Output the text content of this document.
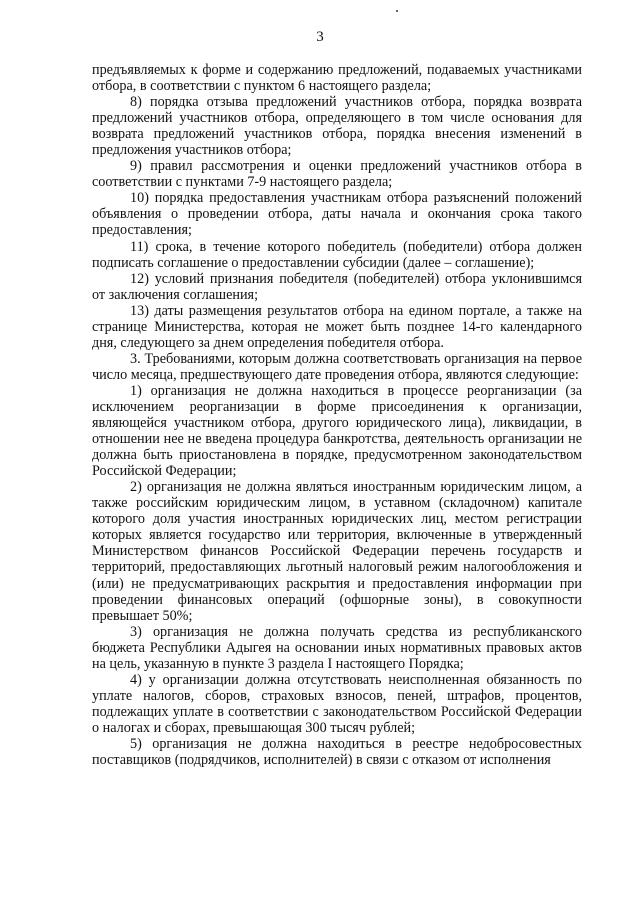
3

предъявляемых к форме и содержанию предложений, подаваемых участниками отбора, в соответствии с пунктом 6 настоящего раздела;

8) порядка отзыва предложений участников отбора, порядка возврата предложений участников отбора, определяющего в том числе основания для возврата предложений участников отбора, порядка внесения изменений в предложения участников отбора;

9) правил рассмотрения и оценки предложений участников отбора в соответствии с пунктами 7-9 настоящего раздела;

10) порядка предоставления участникам отбора разъяснений положений объявления о проведении отбора, даты начала и окончания срока такого предоставления;

11) срока, в течение которого победитель (победители) отбора должен подписать соглашение о предоставлении субсидии (далее – соглашение);

12) условий признания победителя (победителей) отбора уклонившимся от заключения соглашения;

13) даты размещения результатов отбора на едином портале, а также на странице Министерства, которая не может быть позднее 14-го календарного дня, следующего за днем определения победителя отбора.

3. Требованиями, которым должна соответствовать организация на первое число месяца, предшествующего дате проведения отбора, являются следующие:

1) организация не должна находиться в процессе реорганизации (за исключением реорганизации в форме присоединения к организации, являющейся участником отбора, другого юридического лица), ликвидации, в отношении нее не введена процедура банкротства, деятельность организации не должна быть приостановлена в порядке, предусмотренном законодательством Российской Федерации;

2) организация не должна являться иностранным юридическим лицом, а также российским юридическим лицом, в уставном (складочном) капитале которого доля участия иностранных юридических лиц, местом регистрации которых является государство или территория, включенные в утвержденный Министерством финансов Российской Федерации перечень государств и территорий, предоставляющих льготный налоговый режим налогообложения и (или) не предусматривающих раскрытия и предоставления информации при проведении финансовых операций (офшорные зоны), в совокупности превышает 50%;

3) организация не должна получать средства из республиканского бюджета Республики Адыгея на основании иных нормативных правовых актов на цель, указанную в пункте 3 раздела I настоящего Порядка;

4) у организации должна отсутствовать неисполненная обязанность по уплате налогов, сборов, страховых взносов, пеней, штрафов, процентов, подлежащих уплате в соответствии с законодательством Российской Федерации о налогах и сборах, превышающая 300 тысяч рублей;

5) организация не должна находиться в реестре недобросовестных поставщиков (подрядчиков, исполнителей) в связи с отказом от исполнения
